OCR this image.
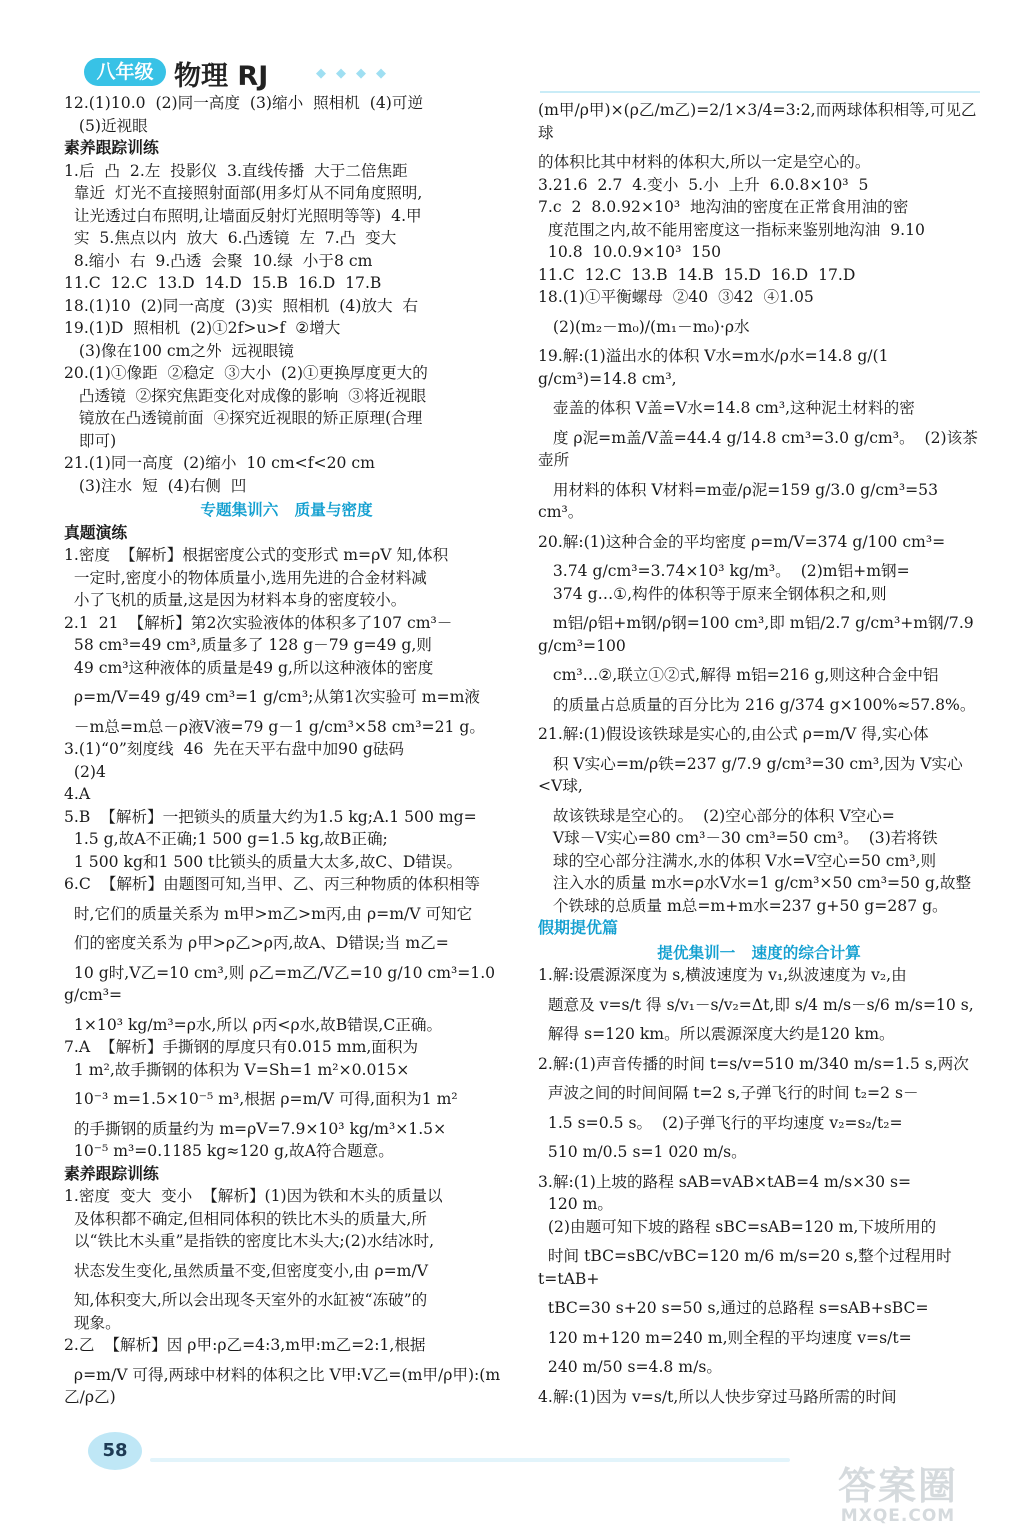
八年级 物理 RJ	◆◆◆◆

12.(1)10.0  (2)同一高度  (3)缩小  照相机  (4)可逆

(5)近视眼

素养跟踪训练

1.后  凸  2.左  投影仪  3.直线传播  大于二倍焦距

靠近  灯光不直接照射面部(用多灯从不同角度照明,

让光透过白布照明,让墙面反射灯光照明等等)  4.甲

实  5.焦点以内  放大  6.凸透镜  左  7.凸  变大

8.缩小  右  9.凸透  会聚  10.绿  小于8 cm

11.C  12.C  13.D  14.D  15.B  16.D  17.B

18.(1)10  (2)同一高度  (3)实  照相机  (4)放大  右

19.(1)D  照相机  (2)①2f>u>f  ②增大

(3)像在100 cm之外  远视眼镜

20.(1)①像距  ②稳定  ③大小  (2)①更换厚度更大的

凸透镜  ②探究焦距变化对成像的影响  ③将近视眼

镜放在凸透镜前面  ④探究近视眼的矫正原理(合理

即可)

21.(1)同一高度  (2)缩小  10 cm<f<20 cm

(3)注水  短  (4)右侧  凹

专题集训六   质量与密度

真题演练

1.密度  【解析】根据密度公式的变形式 m=ρV 知,体积

一定时,密度小的物体质量小,选用先进的合金材料减

小了飞机的质量,这是因为材料本身的密度较小。

2.1  21  【解析】第2次实验液体的体积多了107 cm³－

58 cm³=49 cm³,质量多了 128 g－79 g=49 g,则

49 cm³这种液体的质量是49 g,所以这种液体的密度

ρ=m/V=49 g/49 cm³=1 g/cm³;从第1次实验可 m=m液

－m总=m总－ρ液V液=79 g－1 g/cm³×58 cm³=21 g。

3.(1)“0”刻度线  46  先在天平右盘中加90 g砝码

(2)4

4.A

5.B  【解析】一把锁头的质量大约为1.5 kg;A.1 500 mg=

1.5 g,故A不正确;1 500 g=1.5 kg,故B正确;

1 500 kg和1 500 t比锁头的质量大太多,故C、D错误。

6.C  【解析】由题图可知,当甲、乙、丙三种物质的体积相等

时,它们的质量关系为 m甲>m乙>m丙,由 ρ=m/V 可知它

们的密度关系为 ρ甲>ρ乙>ρ丙,故A、D错误;当 m乙=

10 g时,V乙=10 cm³,则 ρ乙=m乙/V乙=10 g/10 cm³=1.0 g/cm³=

1×10³ kg/m³=ρ水,所以 ρ丙<ρ水,故B错误,C正确。

7.A  【解析】手撕钢的厚度只有0.015 mm,面积为

1 m²,故手撕钢的体积为 V=Sh=1 m²×0.015×

10⁻³ m=1.5×10⁻⁵ m³,根据 ρ=m/V 可得,面积为1 m²

的手撕钢的质量约为 m=ρV=7.9×10³ kg/m³×1.5×

10⁻⁵ m³=0.1185 kg≈120 g,故A符合题意。

素养跟踪训练

1.密度  变大  变小  【解析】(1)因为铁和木头的质量以

及体积都不确定,但相同体积的铁比木头的质量大,所

以“铁比木头重”是指铁的密度比木头大;(2)水结冰时,

状态发生变化,虽然质量不变,但密度变小,由 ρ=m/V

知,体积变大,所以会出现冬天室外的水缸被“冻破”的

现象。

2.乙  【解析】因 ρ甲:ρ乙=4:3,m甲:m乙=2:1,根据

ρ=m/V 可得,两球中材料的体积之比 V甲:V乙=(m甲/ρ甲):(m乙/ρ乙)

(m甲/ρ甲)×(ρ乙/m乙)=2/1×3/4=3:2,而两球体积相等,可见乙球

的体积比其中材料的体积大,所以一定是空心的。

3.21.6  2.7  4.变小  5.小  上升  6.0.8×10³  5

7.c  2  8.0.92×10³  地沟油的密度在正常食用油的密

度范围之内,故不能用密度这一指标来鉴别地沟油  9.10

10.8  10.0.9×10³  150

11.C  12.C  13.B  14.B  15.D  16.D  17.D

18.(1)①平衡螺母  ②40  ③42  ④1.05

(2)(m₂－m₀)/(m₁－m₀)·ρ水

19.解:(1)溢出水的体积 V水=m水/ρ水=14.8 g/(1 g/cm³)=14.8 cm³,

壶盖的体积 V盖=V水=14.8 cm³,这种泥土材料的密

度 ρ泥=m盖/V盖=44.4 g/14.8 cm³=3.0 g/cm³。  (2)该茶壶所

用材料的体积 V材料=m壶/ρ泥=159 g/3.0 g/cm³=53 cm³。

20.解:(1)这种合金的平均密度 ρ=m/V=374 g/100 cm³=

3.74 g/cm³=3.74×10³ kg/m³。  (2)m铝+m钢=

374 g…①,构件的体积等于原来全钢体积之和,则

m铝/ρ铝+m钢/ρ钢=100 cm³,即 m铝/2.7 g/cm³+m钢/7.9 g/cm³=100

cm³…②,联立①②式,解得 m铝=216 g,则这种合金中铝

的质量占总质量的百分比为 216 g/374 g×100%≈57.8%。

21.解:(1)假设该铁球是实心的,由公式 ρ=m/V 得,实心体

积 V实心=m/ρ铁=237 g/7.9 g/cm³=30 cm³,因为 V实心<V球,

故该铁球是空心的。  (2)空心部分的体积 V空心=

V球－V实心=80 cm³－30 cm³=50 cm³。  (3)若将铁

球的空心部分注满水,水的体积 V水=V空心=50 cm³,则

注入水的质量 m水=ρ水V水=1 g/cm³×50 cm³=50 g,故整

个铁球的总质量 m总=m+m水=237 g+50 g=287 g。

假期提优篇

提优集训一   速度的综合计算

1.解:设震源深度为 s,横波速度为 v₁,纵波速度为 v₂,由

题意及 v=s/t 得 s/v₁－s/v₂=Δt,即 s/4 m/s－s/6 m/s=10 s,

解得 s=120 km。所以震源深度大约是120 km。

2.解:(1)声音传播的时间 t=s/v=510 m/340 m/s=1.5 s,两次

声波之间的时间间隔 t=2 s,子弹飞行的时间 t₂=2 s－

1.5 s=0.5 s。  (2)子弹飞行的平均速度 v₂=s₂/t₂=

510 m/0.5 s=1 020 m/s。

3.解:(1)上坡的路程 sAB=vAB×tAB=4 m/s×30 s=

120 m。

(2)由题可知下坡的路程 sBC=sAB=120 m,下坡所用的

时间 tBC=sBC/vBC=120 m/6 m/s=20 s,整个过程用时 t=tAB+

tBC=30 s+20 s=50 s,通过的总路程 s=sAB+sBC=

120 m+120 m=240 m,则全程的平均速度 v=s/t=

240 m/50 s=4.8 m/s。

4.解:(1)因为 v=s/t,所以人快步穿过马路所需的时间

58
答案圈
MXQE.COM
